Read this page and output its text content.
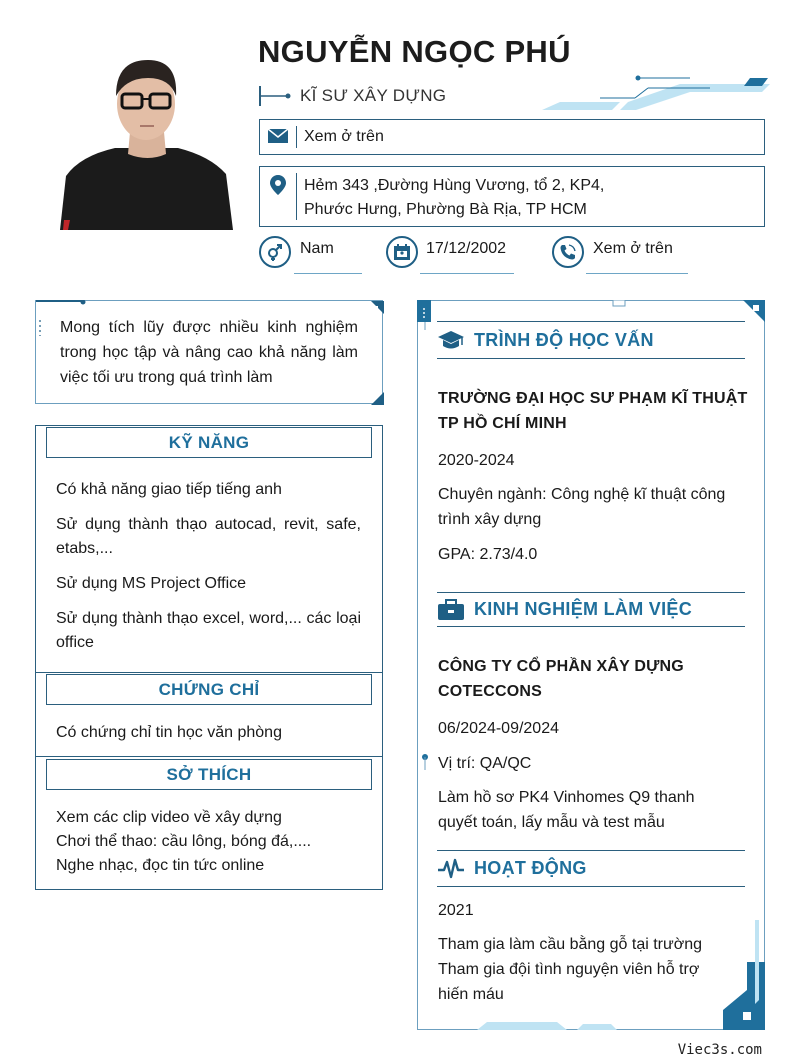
NGUYỄN NGỌC PHÚ
KĨ SƯ XÂY DỰNG
Xem ở trên
Hẻm 343 ,Đường Hùng Vương, tổ 2, KP4,
Phước Hưng, Phường Bà Rịa, TP HCM
Nam	17/12/2002	Xem ở trên
Mong tích lũy được nhiều kinh nghiệm trong học tập và nâng cao khả năng làm việc tối ưu trong quá trình làm
KỸ NĂNG
Có khả năng giao tiếp tiếng anh
Sử dụng thành thạo autocad, revit, safe, etabs,...
Sử dụng MS Project Office
Sử dụng thành thạo excel, word,... các loại office
CHỨNG CHỈ
Có chứng chỉ tin học văn phòng
SỞ THÍCH
Xem các clip video về xây dựng
Chơi thể thao: cầu lông, bóng đá,....
Nghe nhạc, đọc tin tức online
TRÌNH ĐỘ HỌC VẤN
TRƯỜNG ĐẠI HỌC SƯ PHẠM KĨ THUẬT
TP HỒ CHÍ MINH
2020-2024
Chuyên ngành: Công nghệ kĩ thuật công
trình xây dựng
GPA: 2.73/4.0
KINH NGHIỆM LÀM VIỆC
CÔNG TY CỔ PHẦN XÂY DỰNG
COTECCONS
06/2024-09/2024
Vị trí: QA/QC
Làm hồ sơ PK4 Vinhomes Q9 thanh
quyết toán, lấy mẫu và test mẫu
HOẠT ĐỘNG
2021
Tham gia làm cầu bằng gỗ tại trường
Tham gia đội tình nguyện viên hỗ trợ
hiến máu
Viec3s.com
